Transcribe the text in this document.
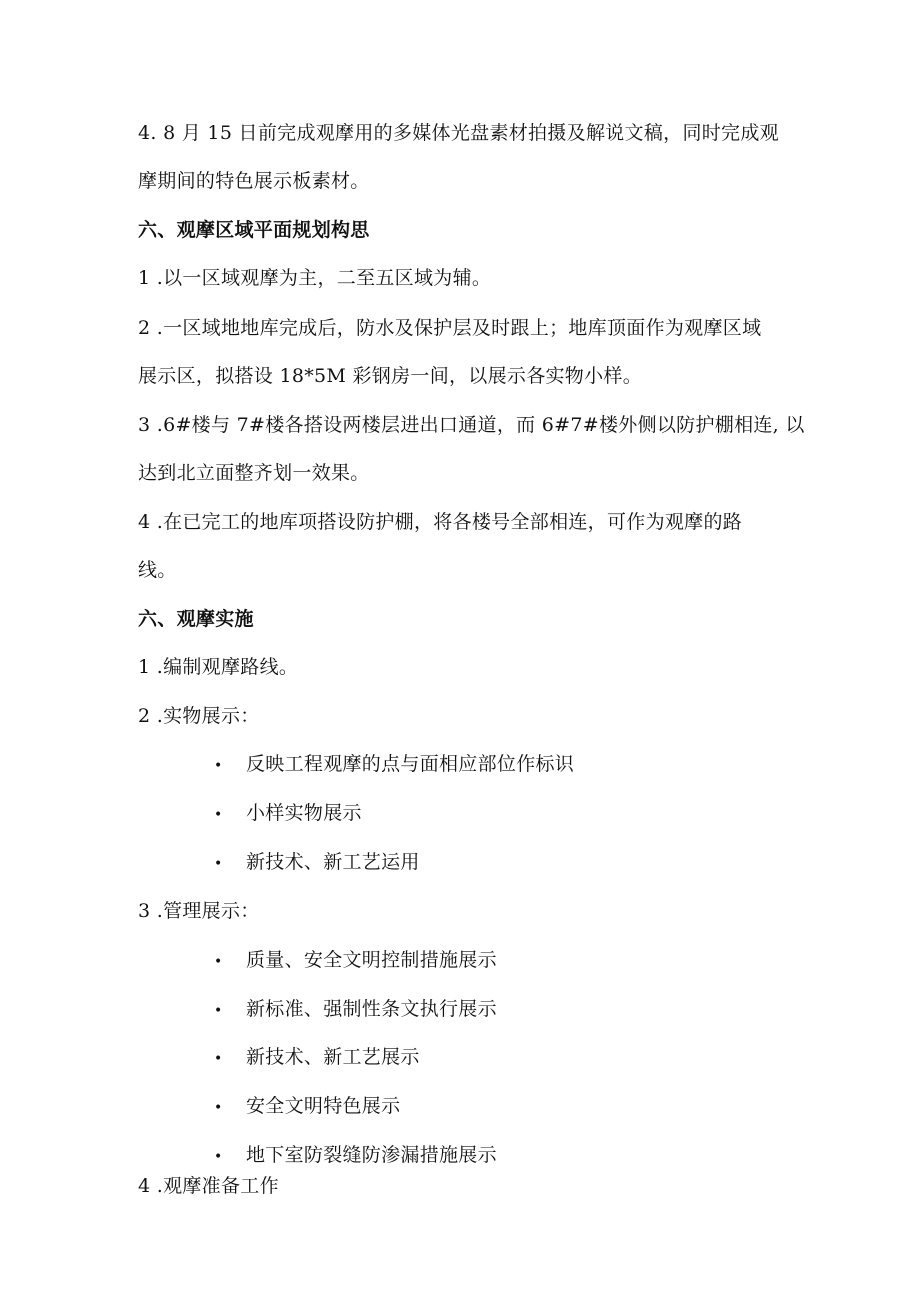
4. 8 月 15 日前完成观摩用的多媒体光盘素材拍摄及解说文稿，同时完成观
摩期间的特色展示板素材。
六、观摩区域平面规划构思
1 .以一区域观摩为主，二至五区域为辅。
2 .一区域地地库完成后，防水及保护层及时跟上；地库顶面作为观摩区域
展示区，拟搭设 18*5M 彩钢房一间，以展示各实物小样。
3 .6#楼与 7#楼各搭设两楼层进出口通道，而 6#7#楼外侧以防护棚相连, 以
达到北立面整齐划一效果。
4 .在已完工的地库项搭设防护棚，将各楼号全部相连，可作为观摩的路
线。
六、观摩实施
1 .编制观摩路线。
2 .实物展示：
• 反映工程观摩的点与面相应部位作标识
• 小样实物展示
• 新技术、新工艺运用
3 .管理展示：
• 质量、安全文明控制措施展示
• 新标准、强制性条文执行展示
• 新技术、新工艺展示
• 安全文明特色展示
• 地下室防裂缝防渗漏措施展示
4 .观摩准备工作
